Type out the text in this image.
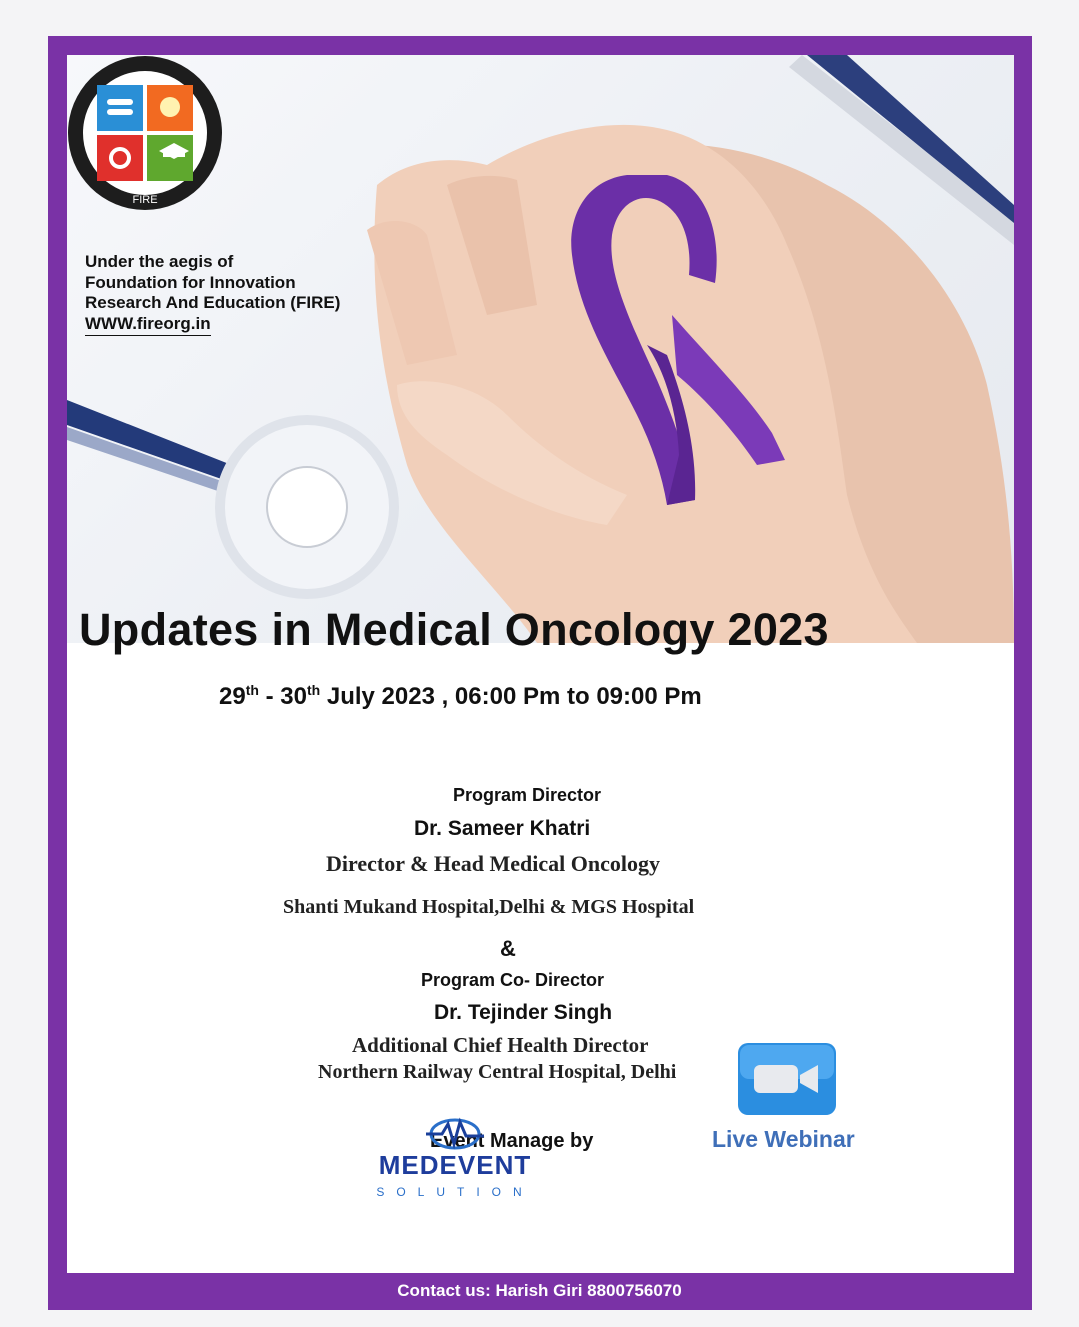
FIRE
Under the aegis of
Foundation for Innovation
Research And Education (FIRE)
WWW.fireorg.in
Updates in Medical Oncology 2023
29th - 30th July 2023 , 06:00 Pm to 09:00 Pm
Program Director
Dr. Sameer Khatri
Director & Head Medical Oncology
Shanti Mukand Hospital,Delhi & MGS Hospital
&
Program Co- Director
Dr. Tejinder Singh
Additional Chief Health Director
Northern Railway Central Hospital, Delhi
Event Manage by
MEDEVENT
SOLUTION
Live Webinar
Contact us: Harish Giri 8800756070
